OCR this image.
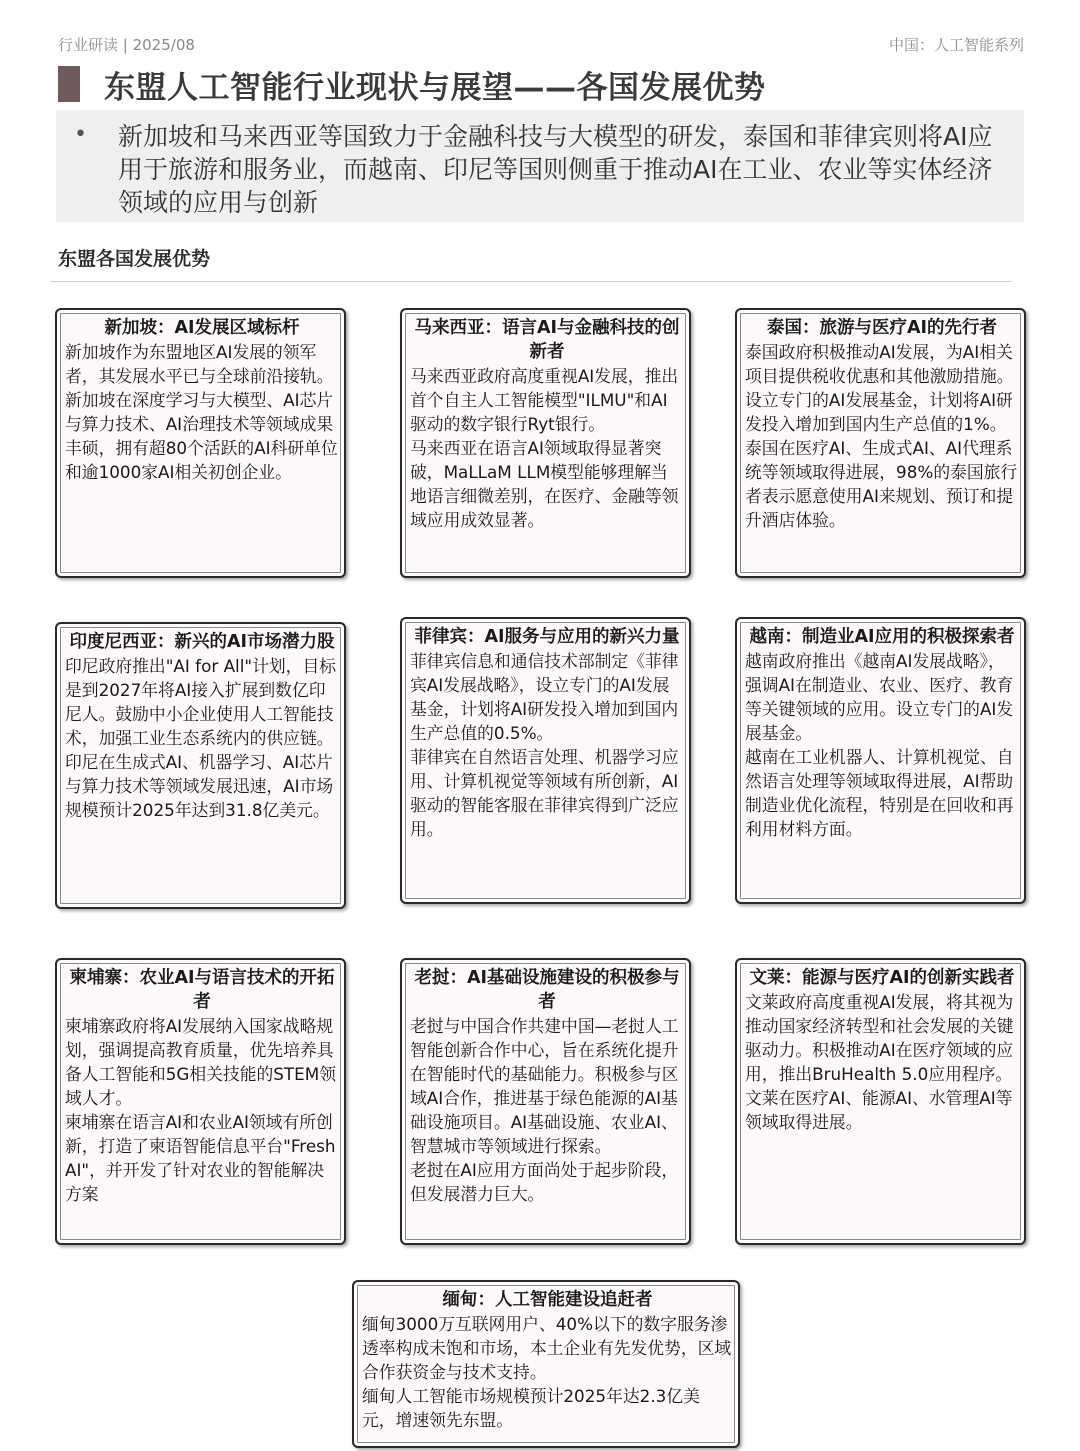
行业研读 | 2025/08	中国：人工智能系列
东盟人工智能行业现状与展望——各国发展优势
• 新加坡和马来西亚等国致力于金融科技与大模型的研发，泰国和菲律宾则将AI应用于旅游和服务业，而越南、印尼等国则侧重于推动AI在工业、农业等实体经济领域的应用与创新
东盟各国发展优势
新加坡：AI发展区域标杆

新加坡作为东盟地区AI发展的领军者，其发展水平已与全球前沿接轨。

新加坡在深度学习与大模型、AI芯片与算力技术、AI治理技术等领域成果丰硕，拥有超80个活跃的AI科研单位和逾1000家AI相关初创企业。

马来西亚：语言AI与金融科技的创新者

马来西亚政府高度重视AI发展，推出首个自主人工智能模型"ILMU"和AI驱动的数字银行Ryt银行。

马来西亚在语言AI领域取得显著突破，MaLLaM LLM模型能够理解当地语言细微差别，在医疗、金融等领域应用成效显著。

泰国：旅游与医疗AI的先行者

泰国政府积极推动AI发展，为AI相关项目提供税收优惠和其他激励措施。设立专门的AI发展基金，计划将AI研发投入增加到国内生产总值的1%。

泰国在医疗AI、生成式AI、AI代理系统等领域取得进展，98%的泰国旅行者表示愿意使用AI来规划、预订和提升酒店体验。

印度尼西亚：新兴的AI市场潜力股

印尼政府推出"AI for All"计划，目标是到2027年将AI接入扩展到数亿印尼人。鼓励中小企业使用人工智能技术，加强工业生态系统内的供应链。

印尼在生成式AI、机器学习、AI芯片与算力技术等领域发展迅速，AI市场规模预计2025年达到31.8亿美元。

菲律宾：AI服务与应用的新兴力量

菲律宾信息和通信技术部制定《菲律宾AI发展战略》，设立专门的AI发展基金，计划将AI研发投入增加到国内生产总值的0.5%。

菲律宾在自然语言处理、机器学习应用、计算机视觉等领域有所创新，AI驱动的智能客服在菲律宾得到广泛应用。

越南：制造业AI应用的积极探索者

越南政府推出《越南AI发展战略》，强调AI在制造业、农业、医疗、教育等关键领域的应用。设立专门的AI发展基金。

越南在工业机器人、计算机视觉、自然语言处理等领域取得进展，AI帮助制造业优化流程，特别是在回收和再利用材料方面。

柬埔寨：农业AI与语言技术的开拓者

柬埔寨政府将AI发展纳入国家战略规划，强调提高教育质量，优先培养具备人工智能和5G相关技能的STEM领域人才。

柬埔寨在语言AI和农业AI领域有所创新，打造了柬语智能信息平台"Fresh AI"，并开发了针对农业的智能解决方案

老挝：AI基础设施建设的积极参与者

老挝与中国合作共建中国—老挝人工智能创新合作中心，旨在系统化提升在智能时代的基础能力。积极参与区域AI合作，推进基于绿色能源的AI基础设施项目。AI基础设施、农业AI、智慧城市等领域进行探索。

老挝在AI应用方面尚处于起步阶段，但发展潜力巨大。

文莱：能源与医疗AI的创新实践者

文莱政府高度重视AI发展，将其视为推动国家经济转型和社会发展的关键驱动力。积极推动AI在医疗领域的应用，推出BruHealth 5.0应用程序。

文莱在医疗AI、能源AI、水管理AI等领域取得进展。

缅甸：人工智能建设追赶者

缅甸3000万互联网用户、40%以下的数字服务渗透率构成未饱和市场，本土企业有先发优势，区域合作获资金与技术支持。

缅甸人工智能市场规模预计2025年达2.3亿美元，增速领先东盟。
